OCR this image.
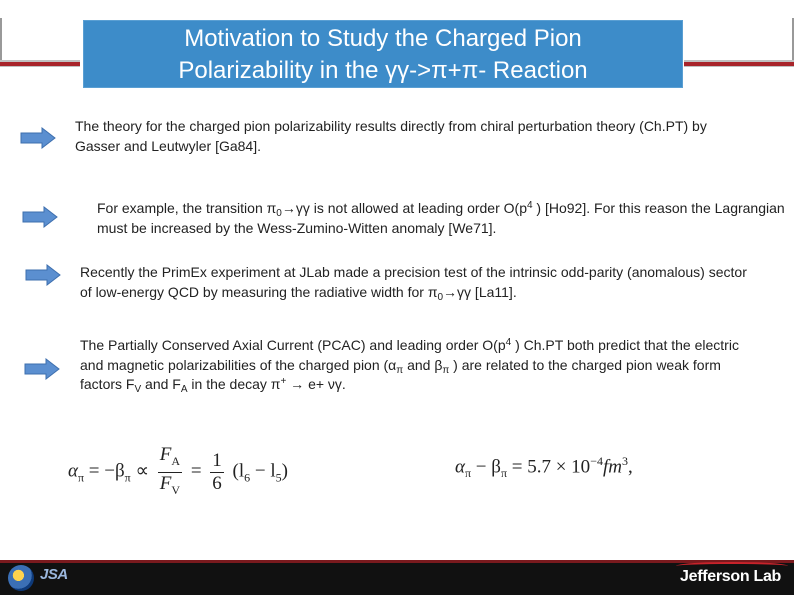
Motivation to Study the Charged Pion
Polarizability in the γγ->π+π- Reaction
The theory for the charged pion polarizability results directly from chiral perturbation theory (Ch.PT) by Gasser and Leutwyler [Ga84].
For example, the transition $\pi_0\to\gamma\gamma$ is not allowed at leading order $O(p^4$ ) [Ho92]. For this reason the Lagrangian must be increased by the Wess-Zumino-Witten anomaly [We71].
Recently the PrimEx experiment at JLab made a precision test of the intrinsic odd-parity (anomalous) sector of low-energy QCD by measuring the radiative width for $\pi_0\to\gamma\gamma$ [La11].
The Partially Conserved Axial Current (PCAC) and leading order $O(p^4$ ) Ch.PT both predict that the electric and magnetic polarizabilities of the charged pion ($\alpha_\pi$ and $\beta_\pi$ ) are related to the charged pion weak form factors $F_V$ and $F_A$ in the decay π+ → e+ νγ.
$\alpha_\pi = -\beta_\pi \propto \frac{F_A}{F_V} = \frac{1}{6} (l_6 - l_5)$	$\alpha_\pi - \beta_\pi = 5.7 \times 10^{-4}fm^3$,
JSA	Jefferson Lab
